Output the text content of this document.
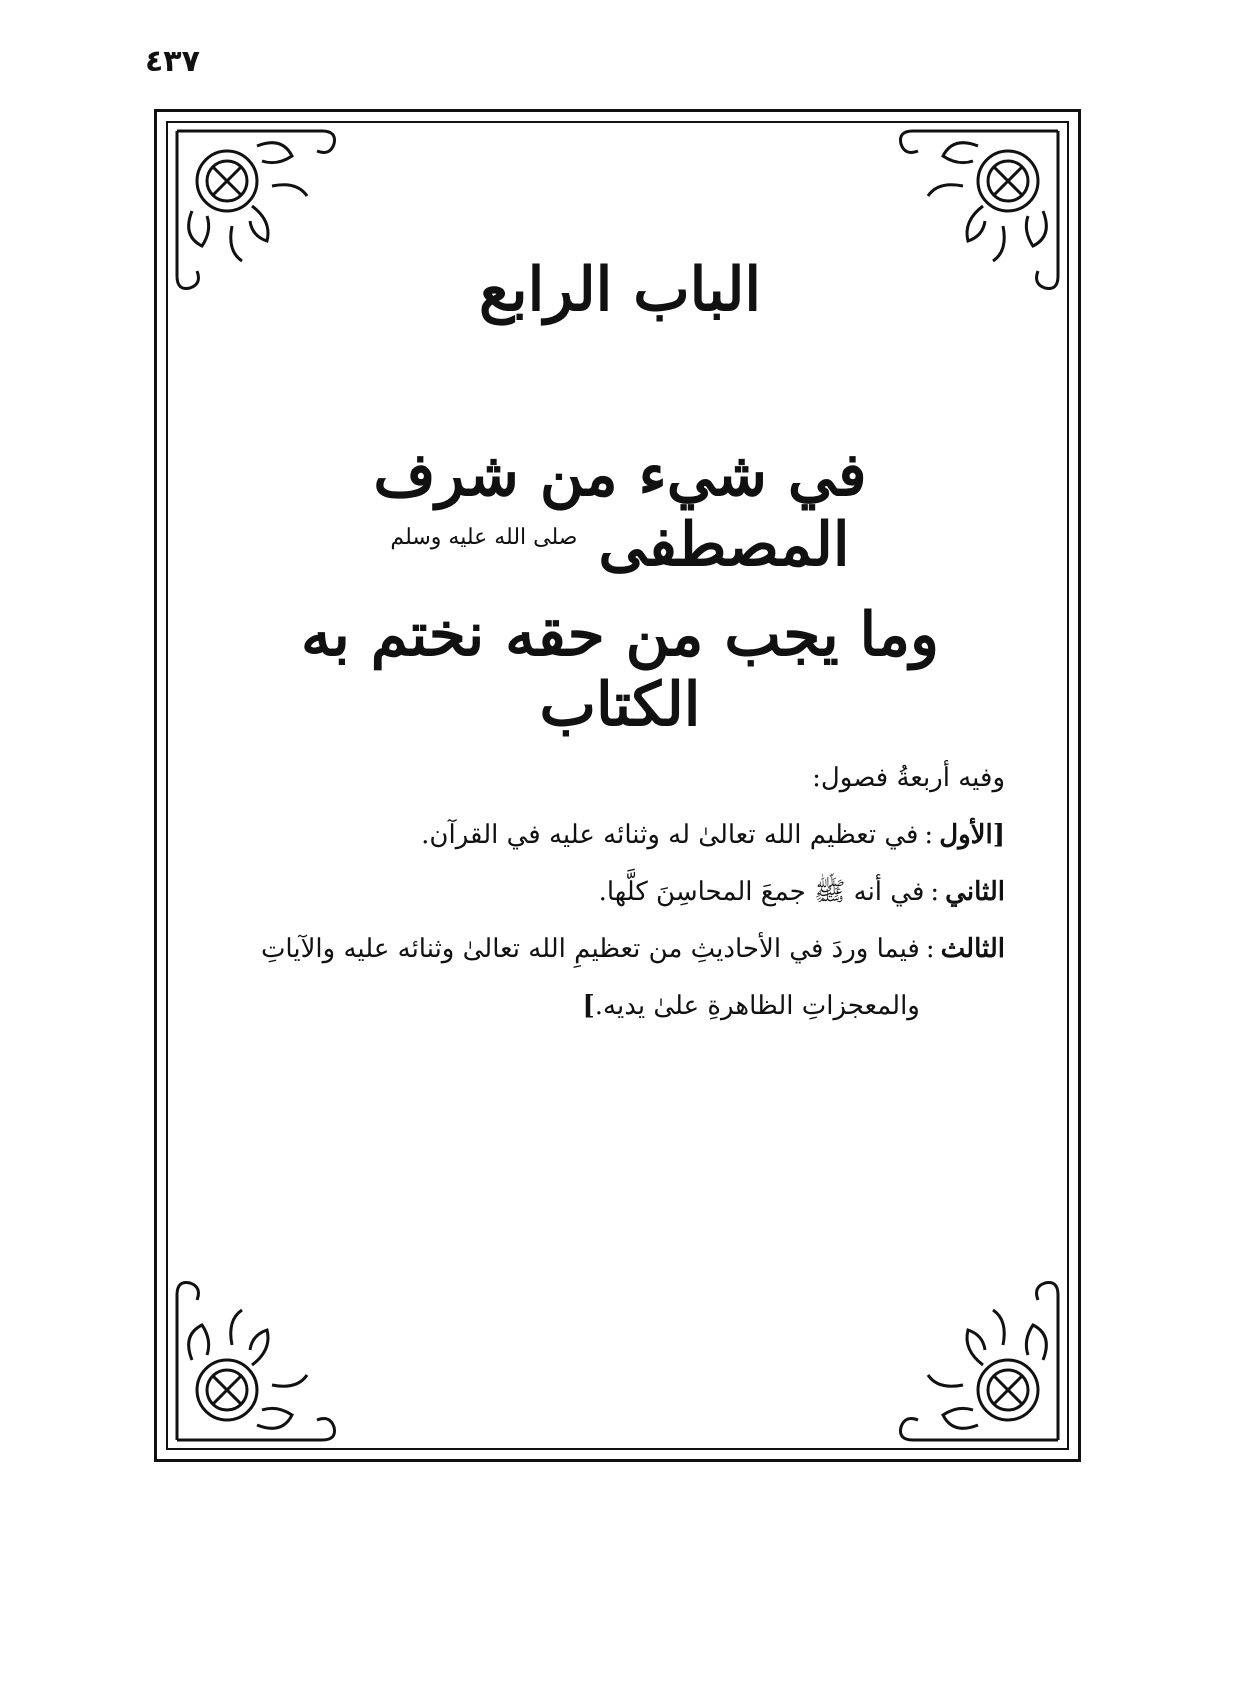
٤٣٧
الباب الرابع
في شيء من شرف المصطفى $^{صلى الله عليه وسلم}$
وما يجب من حقه نختم به الكتاب

وفيه أربعةُ فصول:

[
الأول
:
في تعظيم الله تعالىٰ له وثنائه عليه في القرآن.
الثاني
:
في أنه ﷺ جمعَ المحاسِنَ كلَّها.
الثالث
:
فيما وردَ في الأحاديثِ من تعظيمِ الله تعالىٰ وثنائه عليه والآياتِ والمعجزاتِ الظاهرةِ علىٰ يديه.]
